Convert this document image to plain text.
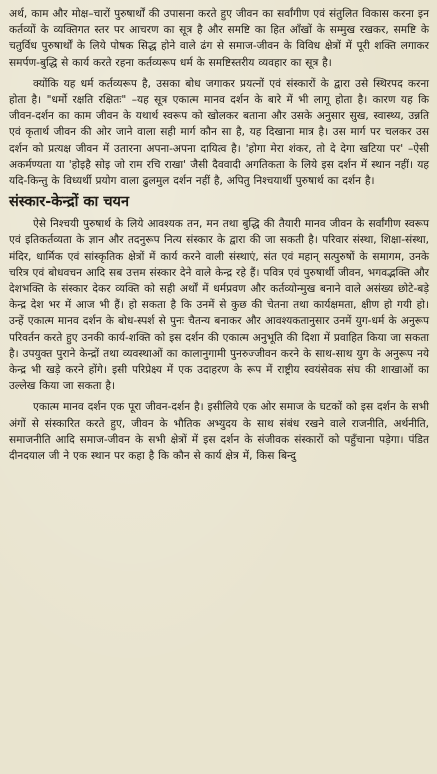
अर्थ, काम और मोक्ष–चारों पुरुषार्थों की उपासना करते हुए जीवन का सर्वांगीण एवं संतुलित विकास करना इन कर्तव्यों के व्यक्तिगत स्तर पर आचरण का सूत्र है और समष्टि का हित आँखों के सम्मुख रखकर, समष्टि के चतुर्विध पुरुषार्थों के लिये पोषक सिद्ध होने वाले ढंग से समाज-जीवन के विविध क्षेत्रों में पूरी शक्ति लगाकर समर्पण-बुद्धि से कार्य करते रहना कर्तव्यरूप धर्म के समष्टिस्तरीय व्यवहार का सूत्र है।

क्योंकि यह धर्म कर्तव्यरूप है, उसका बोध जगाकर प्रयत्नों एवं संस्कारों के द्वारा उसे स्थिरपद करना होता है। "धर्मो रक्षति रक्षितः" –यह सूत्र एकात्म मानव दर्शन के बारे में भी लागू होता है। कारण यह कि जीवन-दर्शन का काम जीवन के यथार्थ स्वरूप को खोलकर बताना और उसके अनुसार सुख, स्वास्थ्य, उन्नति एवं कृतार्थ जीवन की ओर जाने वाला सही मार्ग कौन सा है, यह दिखाना मात्र है। उस मार्ग पर चलकर उस दर्शन को प्रत्यक्ष जीवन में उतारना अपना-अपना दायित्व है। 'होगा मेरा शंकर, तो दे देगा खटिया पर' –ऐसी अकर्मण्यता या 'होइहै सोइ जो राम रचि राखा' जैसी दैववादी अगतिकता के लिये इस दर्शन में स्थान नहीं। यह यदि-किन्तु के विध्यर्थी प्रयोग वाला ढुलमुल दर्शन नहीं है, अपितु निश्चयार्थी पुरुषार्थ का दर्शन है।

संस्कार-केन्द्रों का चयन

ऐसे निश्चयी पुरुषार्थ के लिये आवश्यक तन, मन तथा बुद्धि की तैयारी मानव जीवन के सर्वांगीण स्वरूप एवं इतिकर्तव्यता के ज्ञान और तदनुरूप नित्य संस्कार के द्वारा की जा सकती है। परिवार संस्था, शिक्षा-संस्था, मंदिर, धार्मिक एवं सांस्कृतिक क्षेत्रों में कार्य करने वाली संस्थाएं, संत एवं महान् सत्पुरुषों के समागम, उनके चरित्र एवं बोधवचन आदि सब उत्तम संस्कार देने वाले केन्द्र रहे हैं। पवित्र एवं पुरुषार्थी जीवन, भगवद्भक्ति और देशभक्ति के संस्कार देकर व्यक्ति को सही अर्थों में धर्मप्रवण और कर्तव्योन्मुख बनाने वाले असंख्य छोटे-बड़े केन्द्र देश भर में आज भी हैं। हो सकता है कि उनमें से कुछ की चेतना तथा कार्यक्षमता, क्षीण हो गयी हो। उन्हें एकात्म मानव दर्शन के बोध-स्पर्श से पुनः चैतन्य बनाकर और आवश्यकतानुसार उनमें युग-धर्म के अनुरूप परिवर्तन करते हुए उनकी कार्य-शक्ति को इस दर्शन की एकात्म अनुभूति की दिशा में प्रवाहित किया जा सकता है। उपयुक्त पुराने केन्द्रों तथा व्यवस्थाओं का कालानुगामी पुनरुज्जीवन करने के साथ-साथ युग के अनुरूप नये केन्द्र भी खड़े करने होंगे। इसी परिप्रेक्ष्य में एक उदाहरण के रूप में राष्ट्रीय स्वयंसेवक संघ की शाखाओं का उल्लेख किया जा सकता है।

एकात्म मानव दर्शन एक पूरा जीवन-दर्शन है। इसीलिये एक ओर समाज के घटकों को इस दर्शन के सभी अंगों से संस्कारित करते हुए, जीवन के भौतिक अभ्युदय के साथ संबंध रखने वाले राजनीति, अर्थनीति, समाजनीति आदि समाज-जीवन के सभी क्षेत्रों में इस दर्शन के संजीवक संस्कारों को पहुँचाना पड़ेगा। पंडित दीनदयाल जी ने एक स्थान पर कहा है कि कौन से कार्य क्षेत्र में, किस बिन्दु
